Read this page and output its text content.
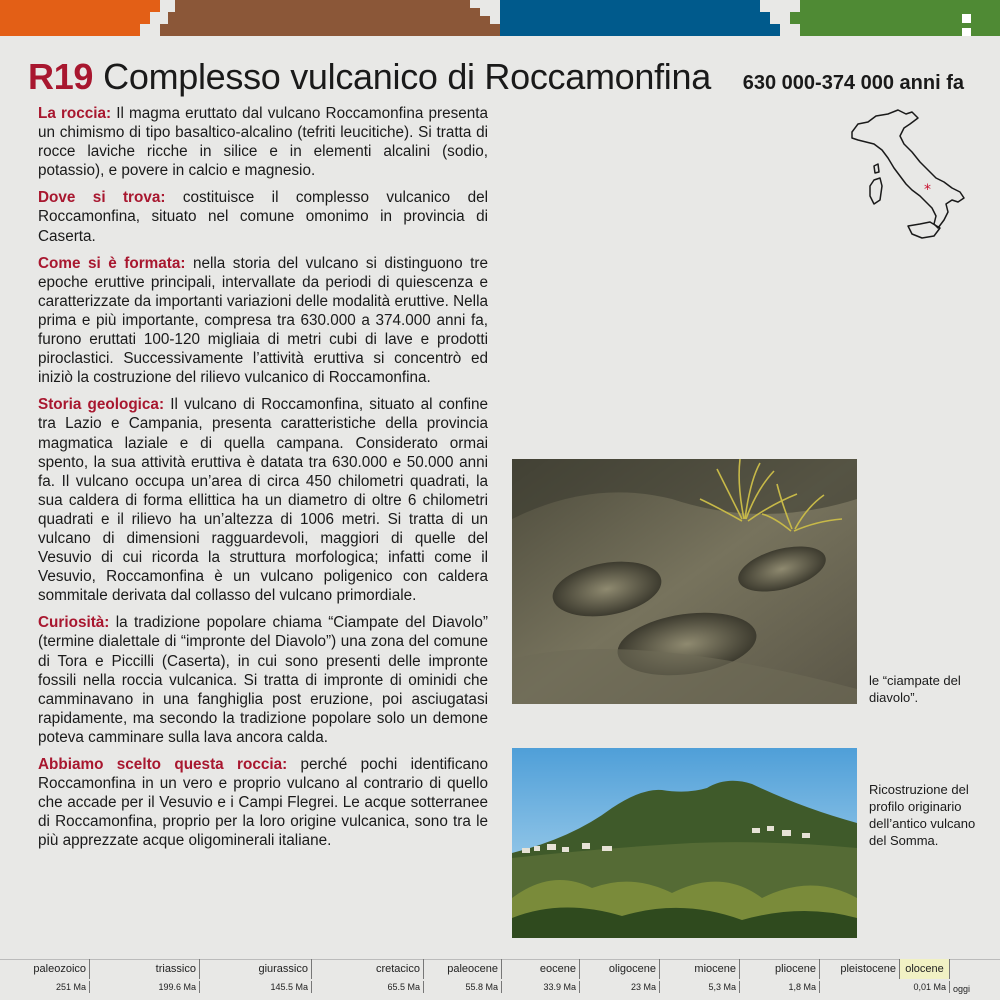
R19 Complesso vulcanico di Roccamonfina 630 000-374 000 anni fa
*

La roccia: Il magma eruttato dal vulcano Roccamonfina presenta un chimismo di tipo basaltico-alcalino (tefriti leucitiche). Si tratta di rocce laviche ricche in silice e in elementi alcalini (sodio, potassio), e povere in calcio e magnesio.

Dove si trova: costituisce il complesso vulcanico del Roccamonfina, situato nel comune omonimo in provincia di Caserta.

Come si è formata: nella storia del vulcano si distinguono tre epoche eruttive principali, intervallate da periodi di quiescenza e caratterizzate da importanti variazioni delle modalità eruttive. Nella prima e più importante, compresa tra 630.000 a 374.000 anni fa, furono eruttati 100-120 migliaia di metri cubi di lave e prodotti piroclastici. Successivamente l’attività eruttiva si concentrò ed iniziò la costruzione del rilievo vulcanico di Roccamonfina.

Storia geologica: Il vulcano di Roccamonfina, situato al confine tra Lazio e Campania, presenta caratteristiche della provincia magmatica laziale e di quella campana. Considerato ormai spento, la sua attività eruttiva è datata tra 630.000 e 50.000 anni fa. Il vulcano occupa un’area di circa 450 chilometri quadrati, la sua caldera di forma ellittica ha un diametro di oltre 6 chilometri quadrati e il rilievo ha un’altezza di 1006 metri. Si tratta di un vulcano di dimensioni ragguardevoli, maggiori di quelle del Vesuvio di cui ricorda la struttura morfologica; infatti come il Vesuvio, Roccamonfina è un vulcano poligenico con caldera sommitale derivata dal collasso del vulcano primordiale.

Curiosità: la tradizione popolare chiama “Ciampate del Diavolo” (termine dialettale di “impronte del Diavolo”) una zona del comune di Tora e Piccilli (Caserta), in cui sono presenti delle impronte fossili nella roccia vulcanica. Si tratta di impronte di ominidi che camminavano in una fanghiglia post eruzione, poi asciugatasi rapidamente, ma secondo la tradizione popolare solo un demone poteva camminare sulla lava ancora calda.

Abbiamo scelto questa roccia: perché pochi identificano Roccamonfina in un vero e proprio vulcano al contrario di quello che accade per il Vesuvio e i Campi Flegrei. Le acque sotterranee di Roccamonfina, proprio per la loro origine vulcanica, sono tra le più apprezzate acque oligominerali italiane.

le “ciampate del diavolo”.
Ricostruzione del profilo originario dell’antico vulcano del Somma.
paleozoico	triassico	giurassico	cretacico	paleocene	eocene	oligocene	miocene	pliocene	pleistocene olocene
251 Ma	199.6 Ma	145.5 Ma	65.5 Ma	55.8 Ma	33.9 Ma	23 Ma	5,3 Ma	1,8 Ma	0,01 Ma oggi
